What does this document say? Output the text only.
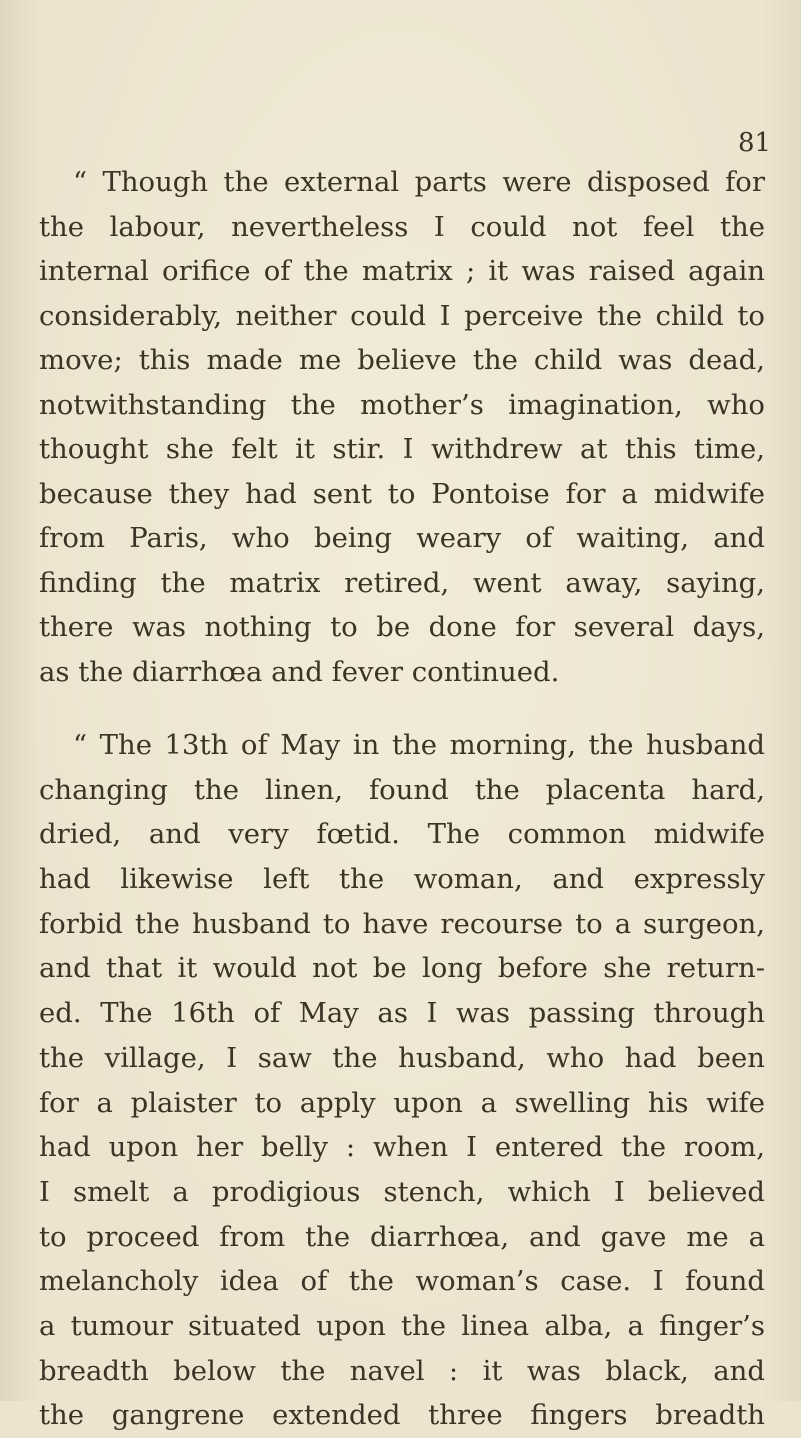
81

“ Though the external parts were disposed for
the labour, nevertheless I could not feel the
internal orifice of the matrix ; it was raised again
considerably, neither could I perceive the child to
move; this made me believe the child was dead,
notwithstanding the mother’s imagination, who
thought she felt it stir. I withdrew at this time,
because they had sent to Pontoise for a midwife
from Paris, who being weary of waiting, and
finding the matrix retired, went away, saying,
there was nothing to be done for several days,
as the diarrhœa and fever continued.

“ The 13th of May in the morning, the husband
changing the linen, found the placenta hard,
dried, and very fœtid. The common midwife
had likewise left the woman, and expressly
forbid the husband to have recourse to a surgeon,
and that it would not be long before she return-
ed. The 16th of May as I was passing through
the village, I saw the husband, who had been
for a plaister to apply upon a swelling his wife
had upon her belly : when I entered the room,
I smelt a prodigious stench, which I believed
to proceed from the diarrhœa, and gave me a
melancholy idea of the woman’s case. I found
a tumour situated upon the linea alba, a finger’s
breadth below the navel : it was black, and
the gangrene extended three fingers breadth
